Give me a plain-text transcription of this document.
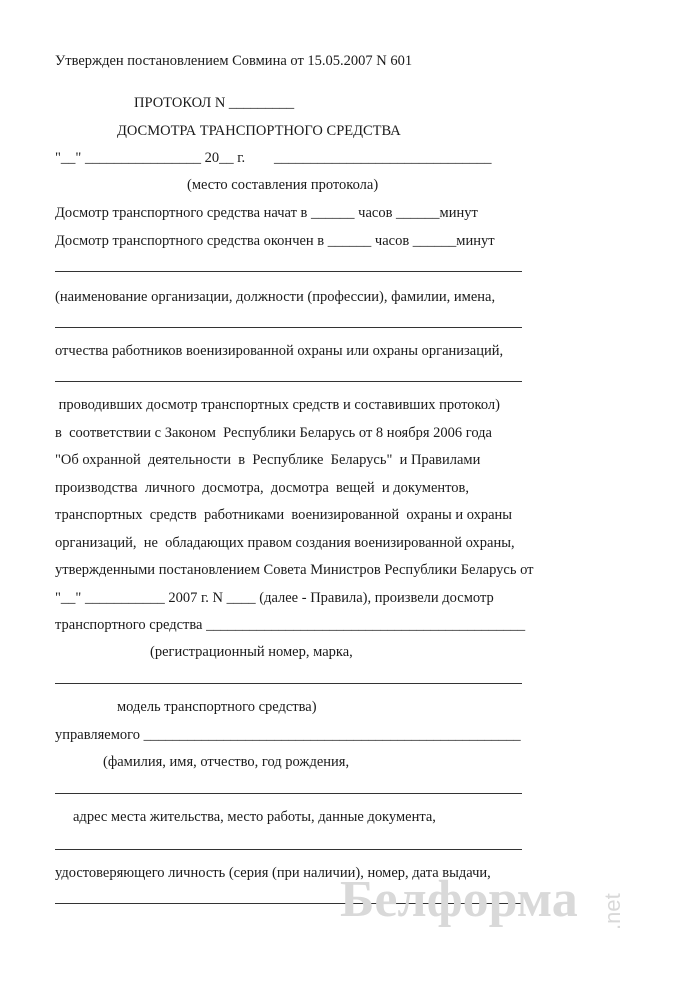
Утвержден постановлением Совмина от 15.05.2007 N 601
ПРОТОКОЛ N _________
ДОСМОТРА ТРАНСПОРТНОГО СРЕДСТВА
"__" ________________ 20__ г. ______________________________
(место составления протокола)
Досмотр транспортного средства начат в ______ часов ______минут
Досмотр транспортного средства окончен в ______ часов ______минут
(наименование организации, должности (профессии), фамилии, имена,
отчества работников военизированной охраны или охраны организаций,
проводивших досмотр транспортных средств и составивших протокол)
в  соответствии с Законом  Республики Беларусь от 8 ноября 2006 года
"Об охранной  деятельности  в  Республике  Беларусь"  и Правилами
производства  личного  досмотра,  досмотра  вещей  и документов,
транспортных  средств  работниками  военизированной  охраны и охраны
организаций,  не  обладающих правом создания военизированной охраны,
утвержденными постановлением Совета Министров Республики Беларусь от
"__" ___________ 2007 г. N ____ (далее - Правила), произвели досмотр
транспортного средства ____________________________________________
(регистрационный номер, марка,
модель транспортного средства)
управляемого ____________________________________________________
(фамилия, имя, отчество, год рождения,
адрес места жительства, место работы, данные документа,
удостоверяющего личность (серия (при наличии), номер, дата выдачи,
Белформа .net
